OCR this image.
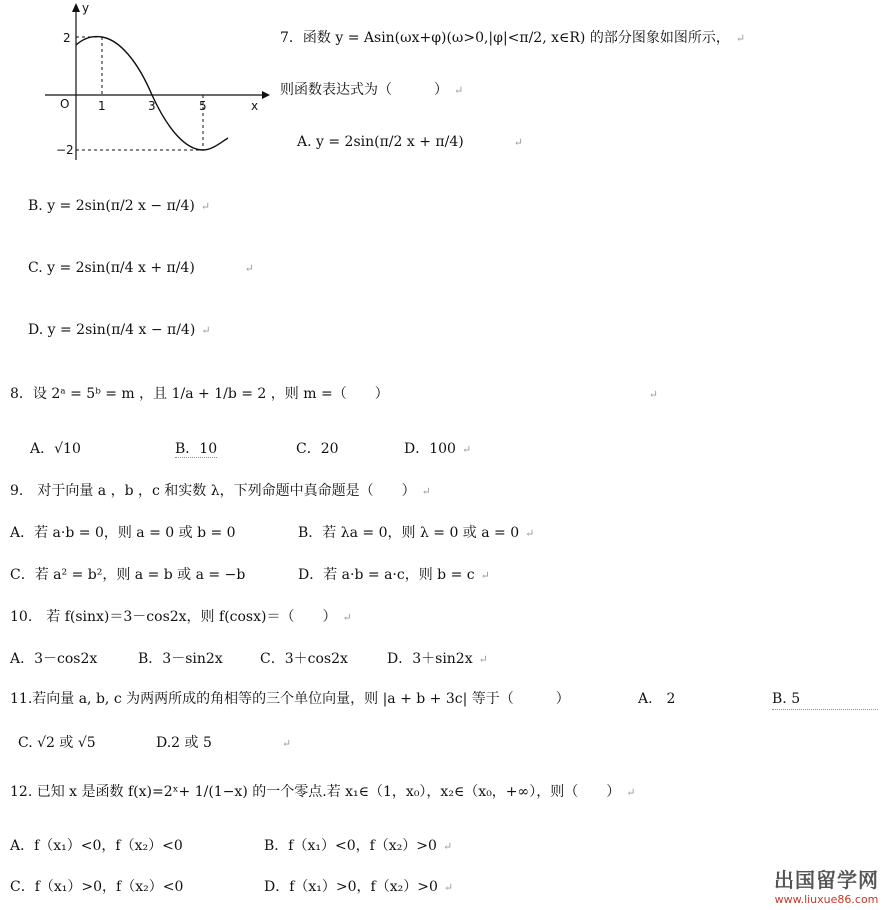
y
x
O
2
−2
1	3	5
7．函数 y = Asin(ωx+φ)(ω>0,|φ|<π/2, x∈R) 的部分图象如图所示， ↵
则函数表达式为（　　　） ↵
A. y = 2sin(π/2 x + π/4)	↵
B. y = 2sin(π/2 x − π/4) ↵
C. y = 2sin(π/4 x + π/4)	↵
D. y = 2sin(π/4 x − π/4) ↵
8．设 2ᵃ = 5ᵇ = m ，且 1/a + 1/b = 2 ，则 m =（　　）	↵
A．√10	B．10	C．20	D．100 ↵
9.　对于向量 a ，b ，c 和实数 λ，下列命题中真命题是（　　） ↵
A．若 a·b = 0，则 a = 0 或 b = 0	B．若 λa = 0，则 λ = 0 或 a = 0 ↵
C．若 a² = b²，则 a = b 或 a = −b	D．若 a·b = a·c，则 b = c ↵
10.　若 f(sinx)＝3－cos2x，则 f(cosx)＝（　　） ↵
A．3－cos2x	B．3－sin2x	C．3＋cos2x	D．3＋sin2x ↵
11.若向量 a, b, c 为两两所成的角相等的三个单位向量，则 |a + b + 3c| 等于（　　　）	A.　2	B. 5
C. √2 或 √5	D.2 或 5	↵
12. 已知 x 是函数 f(x)=2ˣ+ 1/(1−x) 的一个零点.若 x₁∈（1，x₀），x₂∈（x₀，+∞），则（　　） ↵
A．f（x₁）<0，f（x₂）<0	B．f（x₁）<0，f（x₂）>0 ↵
C．f（x₁）>0，f（x₂）<0	D．f（x₁）>0，f（x₂）>0 ↵	出国留学网
www.liuxue86.com
